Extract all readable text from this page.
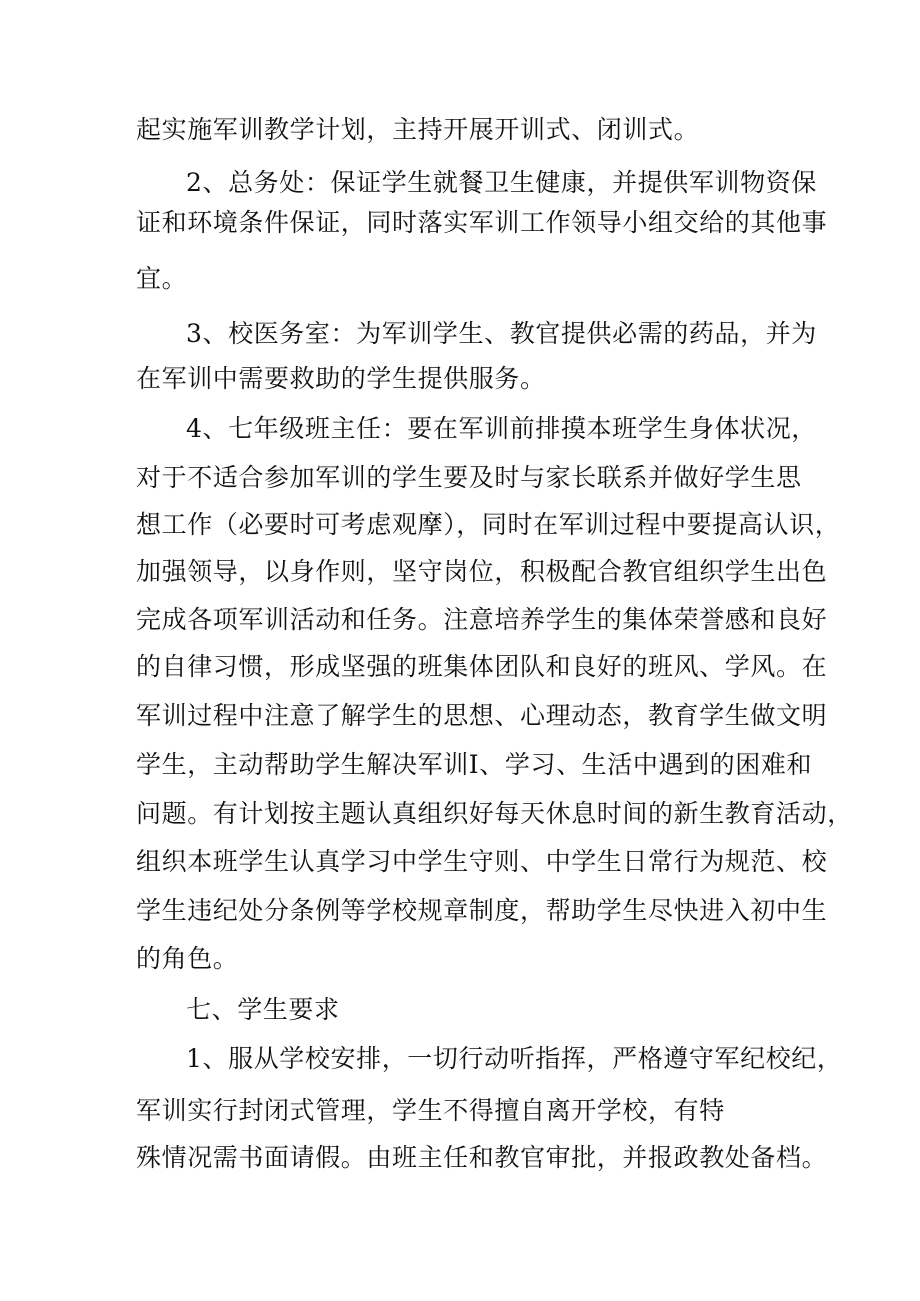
起实施军训教学计划，主持开展开训式、闭训式。
2、总务处：保证学生就餐卫生健康，并提供军训物资保
证和环境条件保证，同时落实军训工作领导小组交给的其他事
宜。
3、校医务室：为军训学生、教官提供必需的药品，并为
在军训中需要救助的学生提供服务。
4、七年级班主任：要在军训前排摸本班学生身体状况，
对于不适合参加军训的学生要及时与家长联系并做好学生思
想工作（必要时可考虑观摩），同时在军训过程中要提高认识，
加强领导，以身作则，坚守岗位，积极配合教官组织学生出色
完成各项军训活动和任务。注意培养学生的集体荣誉感和良好
的自律习惯，形成坚强的班集体团队和良好的班风、学风。在
军训过程中注意了解学生的思想、心理动态，教育学生做文明
学生，主动帮助学生解决军训I、学习、生活中遇到的困难和
问题。有计划按主题认真组织好每天休息时间的新生教育活动，
组织本班学生认真学习中学生守则、中学生日常行为规范、校
学生违纪处分条例等学校规章制度，帮助学生尽快进入初中生
的角色。
七、学生要求
1、服从学校安排，一切行动听指挥，严格遵守军纪校纪，
军训实行封闭式管理，学生不得擅自离开学校，有特
殊情况需书面请假。由班主任和教官审批，并报政教处备档。
